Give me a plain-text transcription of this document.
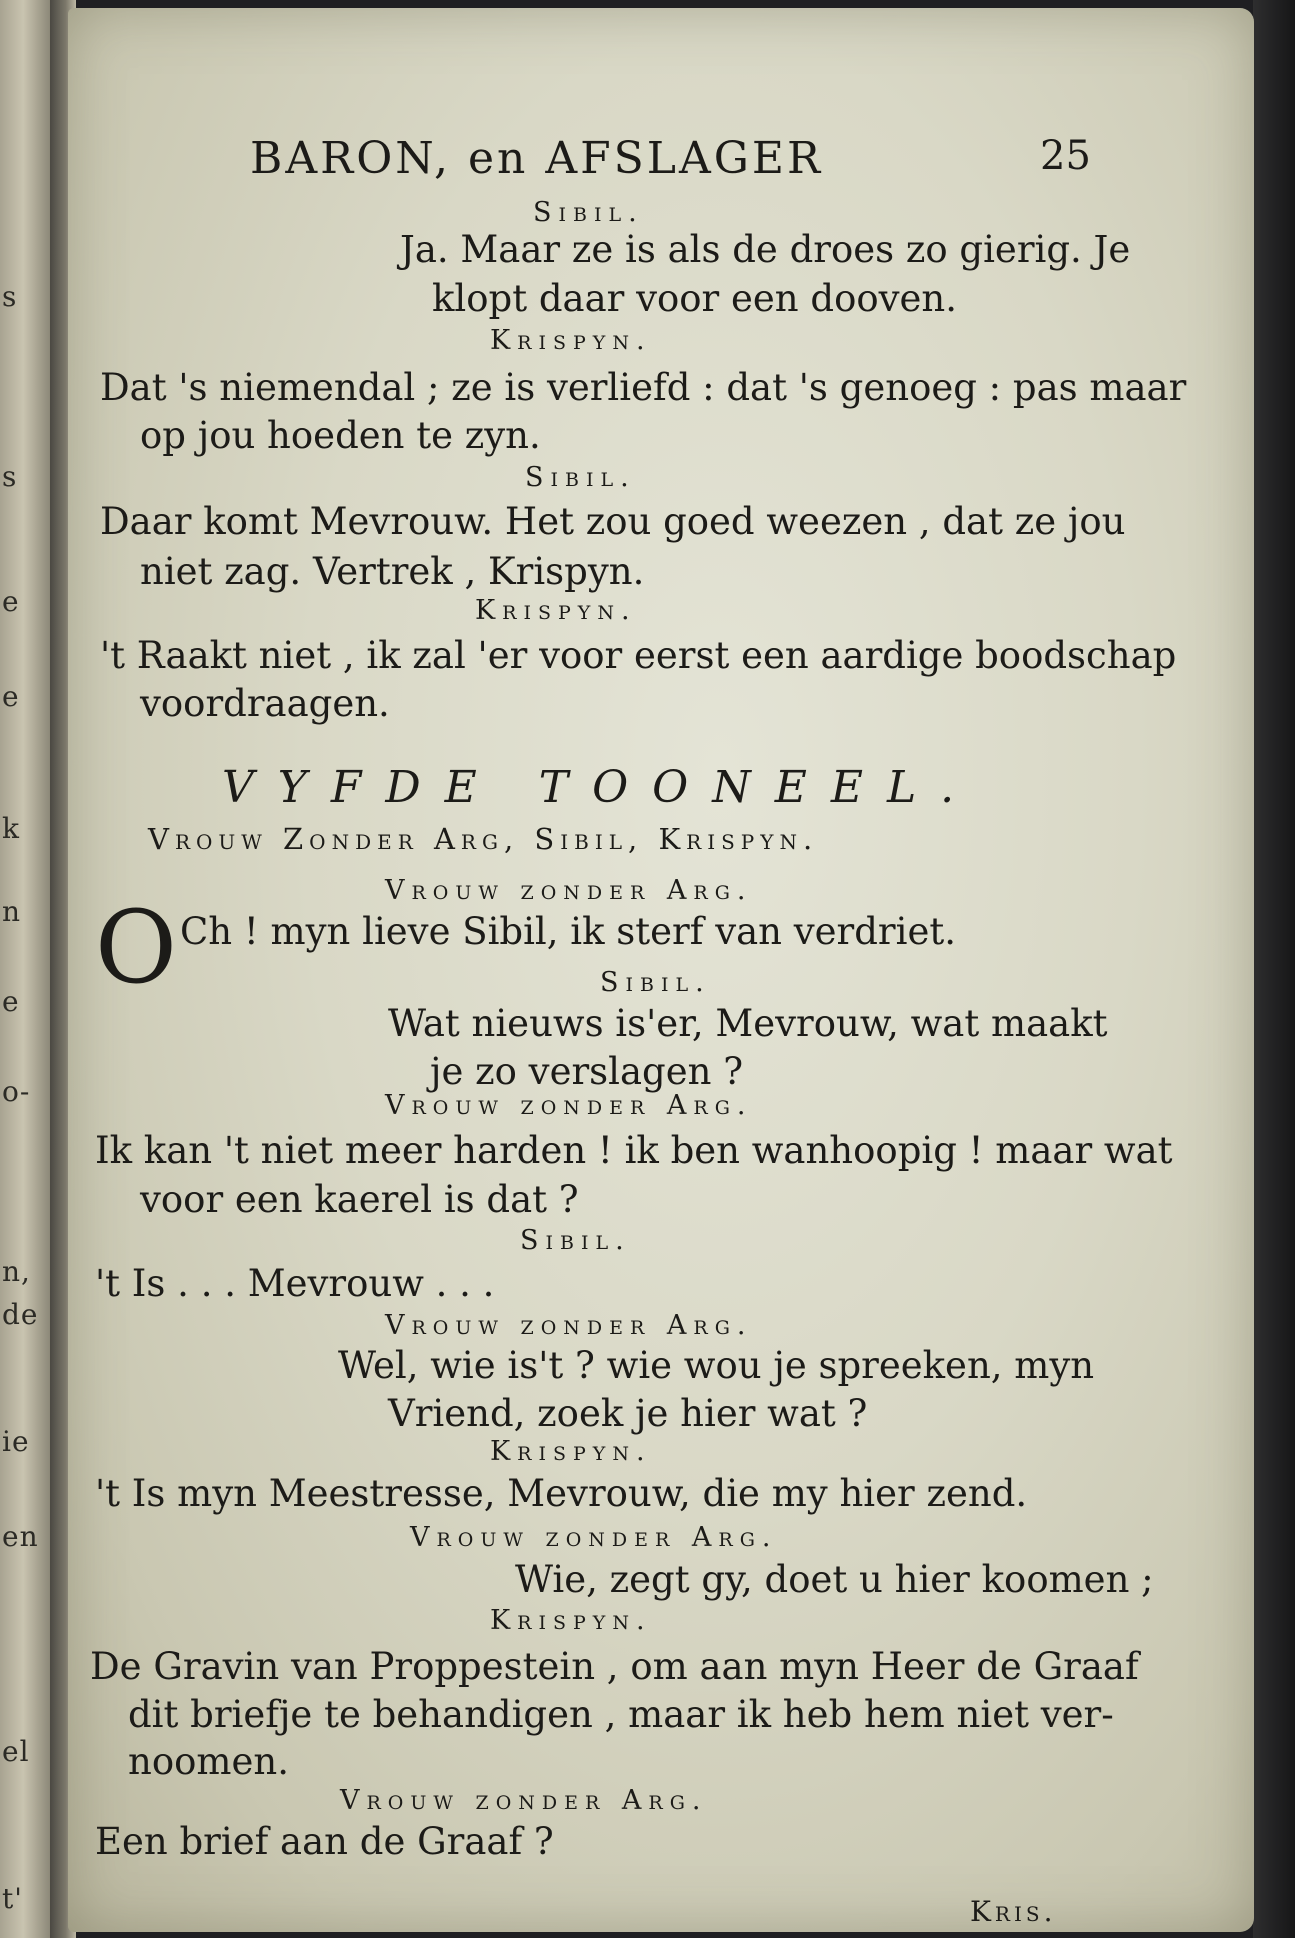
s
s
e
e
k
n
e
o-
n,
de
ie
en
el
t'
BARON, en AFSLAGER	25
Sibil.
Ja. Maar ze is als de droes zo gierig. Je
klopt daar voor een dooven.
Krispyn.
Dat 's niemendal ; ze is verliefd : dat 's genoeg : pas maar
op jou hoeden te zyn.
Sibil.
Daar komt Mevrouw. Het zou goed weezen , dat ze jou
niet zag. Vertrek , Krispyn.
Krispyn.
't Raakt niet , ik zal 'er voor eerst een aardige boodschap
voordraagen.
VYFDE TOONEEL.
Vrouw Zonder Arg, Sibil, Krispyn.
Vrouw zonder Arg.
O Ch ! myn lieve Sibil, ik sterf van verdriet.
Sibil.
Wat nieuws is'er, Mevrouw, wat maakt
je zo verslagen ?
Vrouw zonder Arg.
Ik kan 't niet meer harden ! ik ben wanhoopig ! maar wat
voor een kaerel is dat ?
Sibil.
't Is . . . Mevrouw . . .
Vrouw zonder Arg.
Wel, wie is't ? wie wou je spreeken, myn
Vriend, zoek je hier wat ?
Krispyn.
't Is myn Meestresse, Mevrouw, die my hier zend.
Vrouw zonder Arg.
Wie, zegt gy, doet u hier koomen ;
Krispyn.
De Gravin van Proppestein , om aan myn Heer de Graaf
dit briefje te behandigen , maar ik heb hem niet ver-
noomen.
Vrouw zonder Arg.
Een brief aan de Graaf ?
Kris.
